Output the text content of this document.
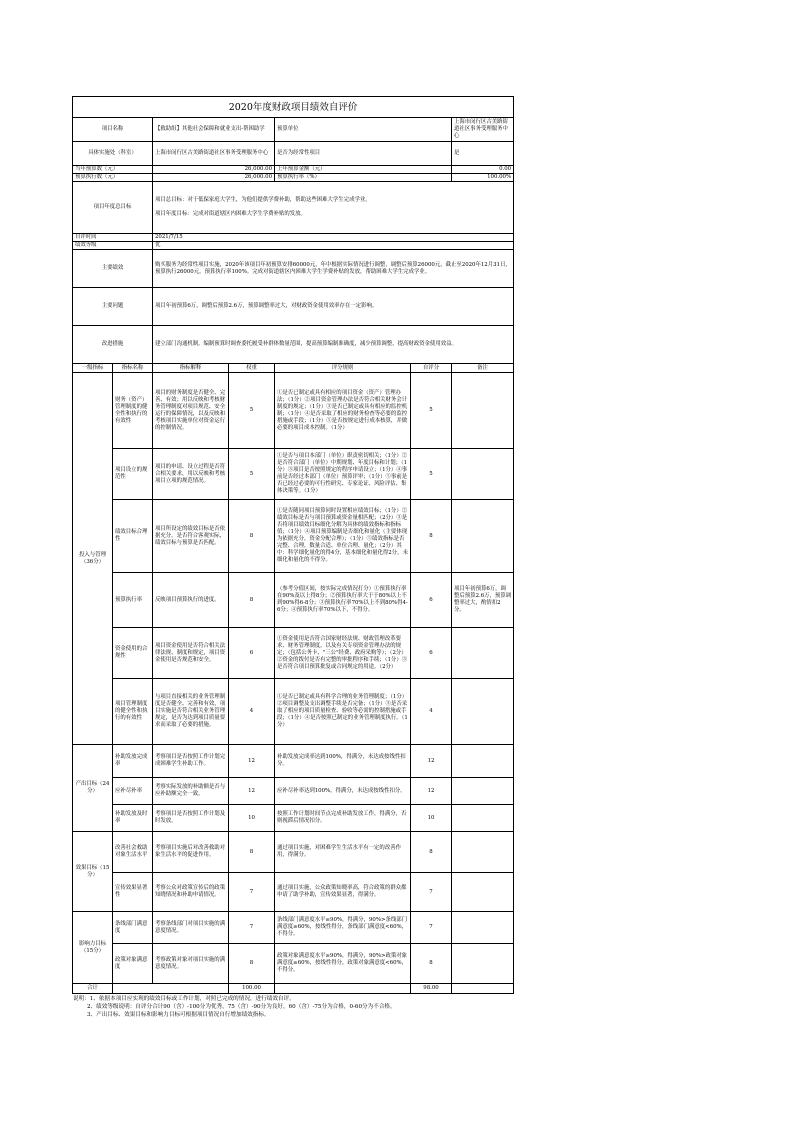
2020年度财政项目绩效自评价						
项目名称		【救助组】其他社会保障和就业支出-帮困助学		预算单位		上海市闵行区古美路街道社区事务受理服务中心
具体实施处（科室）		上海市闵行区古美路街道社区事务受理服务中心		是否为经常性项目		是
当年预算数（元）		26,000.00		上年预算金额（元）		0.00
预算执行数（元）		26,000.00		预算执行率（%）		100.00%
项目年度总目标		项目总目标：对于低保家庭大学生，为他们提供学费补助，帮助这些困难大学生完成学业。
项目年度目标：完成对街道辖区内困难大学生学费补贴的发放。				

自评时间		2021/7/15				
绩效等级		优				
主要绩效		购买服务为经常性项目实施，2020年该项目年初预算安排60000元，年中根据实际情况进行调整，调整后预算26000元，截止至2020年12月31日，预算执行26000元，预算执行率100%。完成对街道辖区内困难大学生学费补贴的发放，帮助困难大学生完成学业。				
主要问题		项目年初预算6万，调整后预算2.6万，预算调整率过大，对财政资金使用效率存在一定影响。				
改进措施		建立部门沟通机制，编制预算时调查委托履受补群体数量范围，提高预算编制准确度，减少预算调整，提高财政资金使用效益。				
一级指标	指标名称	指标解释	权重	评分规则	自评分	备注
投入与管理（36分）	财务（资产）管理制度的健全性和执行的有效性	项目的财务制度是否健全、完善、有效；用以反映和考核财务管理制度对项目规范、安全运行的保障情况，以及反映和考核项目实施单位对资金运行的控制情况。	5	①是否已制定或具有相应的项目资金（资产）管理办法；（1分）②项目资金管理办法是否符合相关财务会计制度的规定；（1分）③是否已制定或具有相应的监控机制；（1分）④是否采取了相应的财务检查等必要的监控措施或手段；（1分）⑤是否按规定进行成本核算，并做必要的项目成本控制。（1分）	5	
	项目设立的规范性	项目的申请、设立过程是否符合相关要求，用以反映和考核项目立项的规范情况。	5	①是否与项目本部门（单位）职责密切相关；（1分）②是否符合部门（单位）中期规划、年度目标和计划；（1分）③项目是否按照规定的程序申请设立；（1分）④事前是否经过本部门（单位）预算评审；（1分）⑤事前是否已经过必要的可行性研究、专家论证、风险评估、集体决策等。（1分）	5	
	绩效目标合理性	项目所设定的绩效目标是否依据充分，是否符合客观实际，绩效目标与预算是否匹配。	8	①是否随同项目预算同时设置相应绩效目标；（1分）②绩效目标是否与项目预算或资金量相匹配；（2分）③是否将项目绩效目标细化分解为具体的绩效指标和指标值；（1分）④项目预算编制是否细化和量化（主要体现为依据充分，资金分配合理）；（1分）⑤绩效指标是否完整、合理，数量合适、单位合理、量化；（2分）其中：科学细化量化的得4分，基本细化和量化得2分，未细化和量化的不得分。	8	
	预算执行率	反映项目预算执行的进度。	8	（参考分值区间，按实际完成情况打分）①预算执行率在90%及以上得8分；②预算执行率大于于80%以上不到90%得6-8分；③预算执行率70%以上不到80%得4-6分；④预算执行率70%以下，不得分。	6	项目年初预算6万，调整后预算2.6万，预算调整率过大，酌情扣2分。
	资金使用的合规性	项目资金使用是否符合相关法律法规、制度和规定，项目资金使用是否规范和安全。	6	①资金使用是否符合国家财经法规、财政管理改革要求、财务管理制度，以及有关专项资金管理办法的规定；（包括公务卡、"三公"经费、政府采购等）；（2分）②资金的拨付是否有完整的审批程序和手续；（1分）③是否符合项目预算批复或合同规定的用途。（2分）	6	
	项目管理制度的健全性和执行的有效性	与项目直接相关的业务管理制度是否健全、完善和有效，项目实施是否符合相关业务管理规定，是否为达到项目质量要求而采取了必要的措施。	4	①是否已制定或具有科学合理的业务管理制度；（1分）②项目调整及支出调整手续是否完备；（1分）③是否采取了相应的项目质量检查、验收等必需的控制措施或手段；（1分）④是否按照已制定的业务管理制度执行。（1分）	4	
产出目标（24分）	补助发放完成率	考察项目是否按照工作计划完成困难学生补助工作。	12	补助发放完成率达到100%，得满分，未达成按线性扣分。	12	
	应补尽补率	考察实际发放的补助额是否与应补助额完全一致。	12	应补尽补率达到100%，得满分，未达成按线性扣分。	12	
	补助发放及时率	考察项目是否按照工作计划及时发放。	10	按照工作计划时间节点完成补助发放工作，得满分，否则视滞后情况扣分。	10	
效果目标（15分）	改善社会救助对象生活水平	考察项目实施后对改善救助对象生活水平的促进作用。	8	通过项目实施，对困难学生生活水平有一定的改善作用，得满分。	8	
	宣传效果显著性	考察公众对政策宣传后的政策知晓情况和补助申请情况。	7	通过项目实施，公众政策知晓率高，符合政策的群众都申请了助学补助，宣传效果显著，得满分。	7	
影响力目标（15分）	条线部门满意度	考察条线部门对项目实施的满意度情况。	7	条线部门满意度水平≥90%，得满分，90%>条线部门满意度≥60%，按线性得分，条线部门满意度<60%，不得分。	7	
	政策对象满意度	考察政策对象对项目实施的满意度情况。	8	政策对象满意度水平≥90%，得满分，90%>政策对象满意度≥60%，按线性得分，政策对象满意度<60%，不得分。	8	
合计			100.00		98.00	
说明：1、依据本项目应实现的绩效目标或工作计划，对照已完成的情况，进行绩效自评。
2、绩效等级说明：自评分合计90（含）-100分为优秀，75（含）-90分为良好，60（含）-75分为合格，0-60分为不合格。
3、产出目标、效果目标和影响力目标可根据项目情况自行增加绩效指标。
